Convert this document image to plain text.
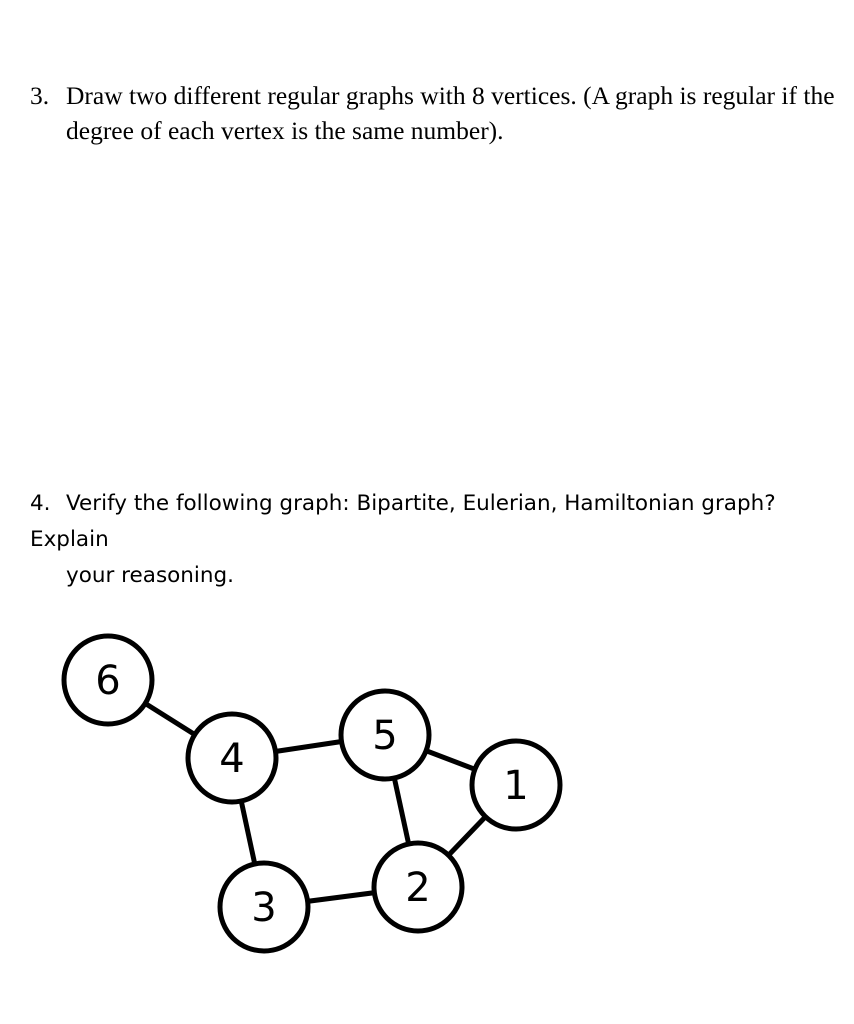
3. Draw two different regular graphs with 8 vertices. (A graph is regular if the
degree of each vertex is the same number).
4. Verify the following graph: Bipartite, Eulerian, Hamiltonian graph? Explain
your reasoning.
6
4	5
1
3	2
